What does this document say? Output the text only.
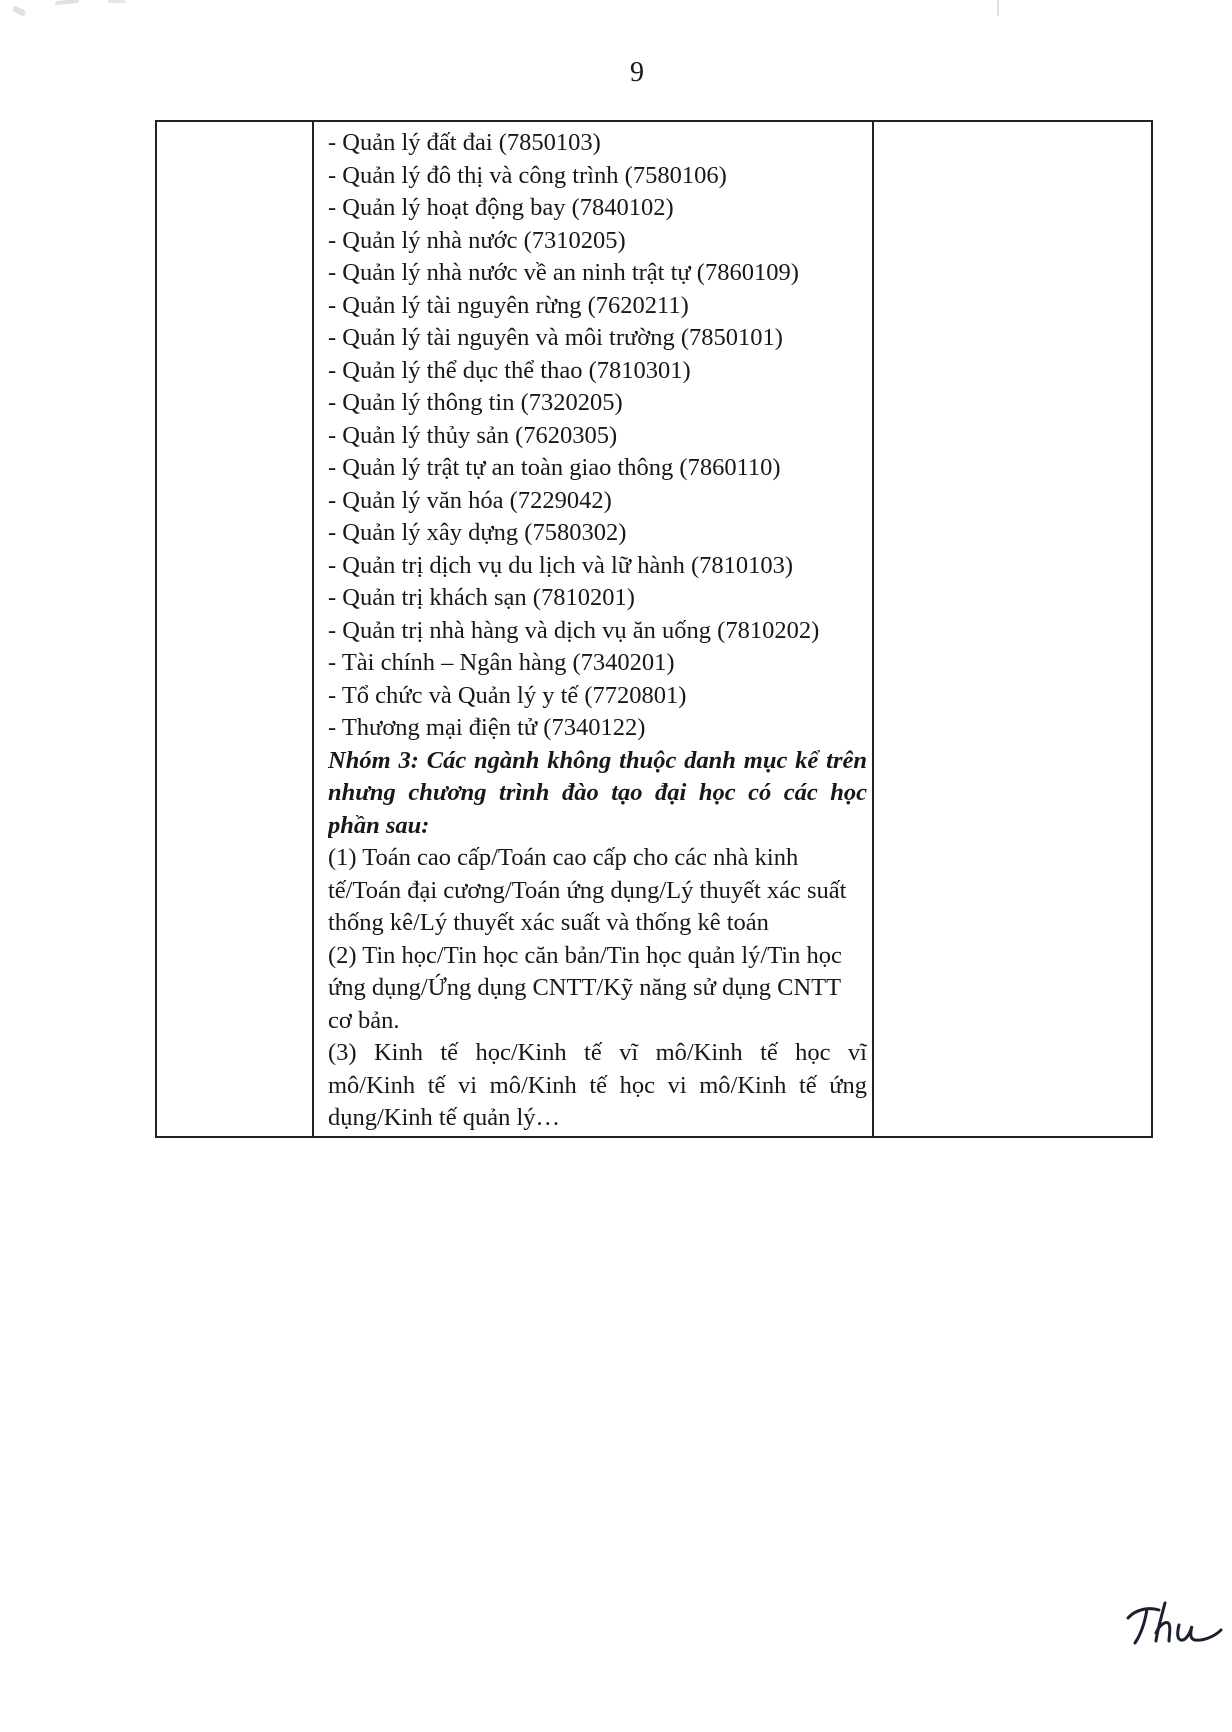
9
- Quản lý đất đai (7850103)
- Quản lý đô thị và công trình (7580106)
- Quản lý hoạt động bay (7840102)
- Quản lý nhà nước (7310205)
- Quản lý nhà nước về an ninh trật tự (7860109)
- Quản lý tài nguyên rừng (7620211)
- Quản lý tài nguyên và môi trường (7850101)
- Quản lý thể dục thể thao (7810301)
- Quản lý thông tin (7320205)
- Quản lý thủy sản (7620305)
- Quản lý trật tự an toàn giao thông (7860110)
- Quản lý văn hóa (7229042)
- Quản lý xây dựng (7580302)
- Quản trị dịch vụ du lịch và lữ hành (7810103)
- Quản trị khách sạn (7810201)
- Quản trị nhà hàng và dịch vụ ăn uống (7810202)
- Tài chính – Ngân hàng (7340201)
- Tổ chức và Quản lý y tế (7720801)
- Thương mại điện tử (7340122)
Nhóm 3: Các ngành không thuộc danh mục kể trên
nhưng chương trình đào tạo đại học có các học
phần sau:
(1) Toán cao cấp/Toán cao cấp cho các nhà kinh
tế/Toán đại cương/Toán ứng dụng/Lý thuyết xác suất
thống kê/Lý thuyết xác suất và thống kê toán
(2) Tin học/Tin học căn bản/Tin học quản lý/Tin học
ứng dụng/Ứng dụng CNTT/Kỹ năng sử dụng CNTT
cơ bản.
(3) Kinh tế học/Kinh tế vĩ mô/Kinh tế học vĩ
mô/Kinh tế vi mô/Kinh tế học vi mô/Kinh tế ứng
dụng/Kinh tế quản lý…
